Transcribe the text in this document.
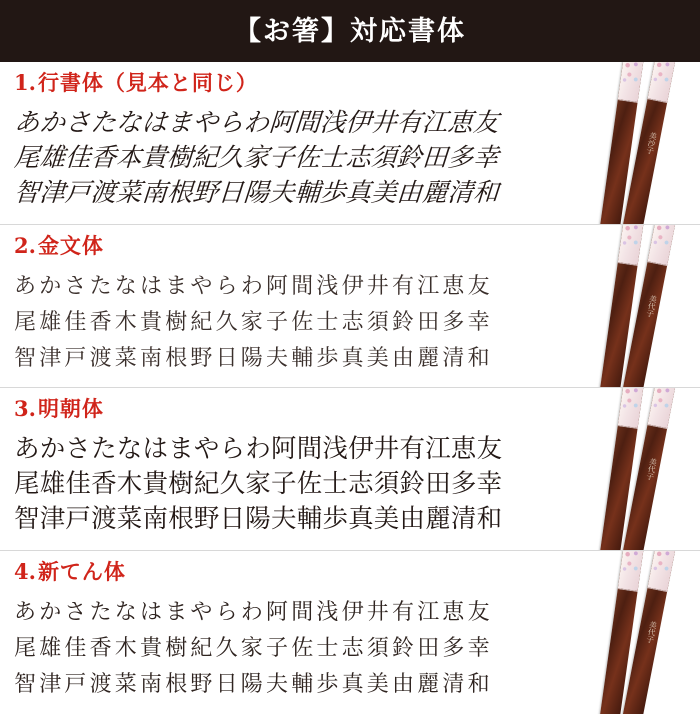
【お箸】対応書体
1. 行書体（見本と同じ）
あかさたなはまやらわ阿間浅伊井有江恵友
尾雄佳香本貴樹紀久家子佐士志須鈴田多幸
智津戸渡菜南根野日陽夫輔歩真美由麗清和
美沙子
2. 金文体
あかさたなはまやらわ阿間浅伊井有江恵友
尾雄佳香木貴樹紀久家子佐士志須鈴田多幸
智津戸渡菜南根野日陽夫輔歩真美由麗清和
美代子
3. 明朝体
あかさたなはまやらわ阿間浅伊井有江恵友
尾雄佳香木貴樹紀久家子佐士志須鈴田多幸
智津戸渡菜南根野日陽夫輔歩真美由麗清和
美代子
4. 新てん体
あかさたなはまやらわ阿間浅伊井有江恵友
尾雄佳香木貴樹紀久家子佐士志須鈴田多幸
智津戸渡菜南根野日陽夫輔歩真美由麗清和
美代子
